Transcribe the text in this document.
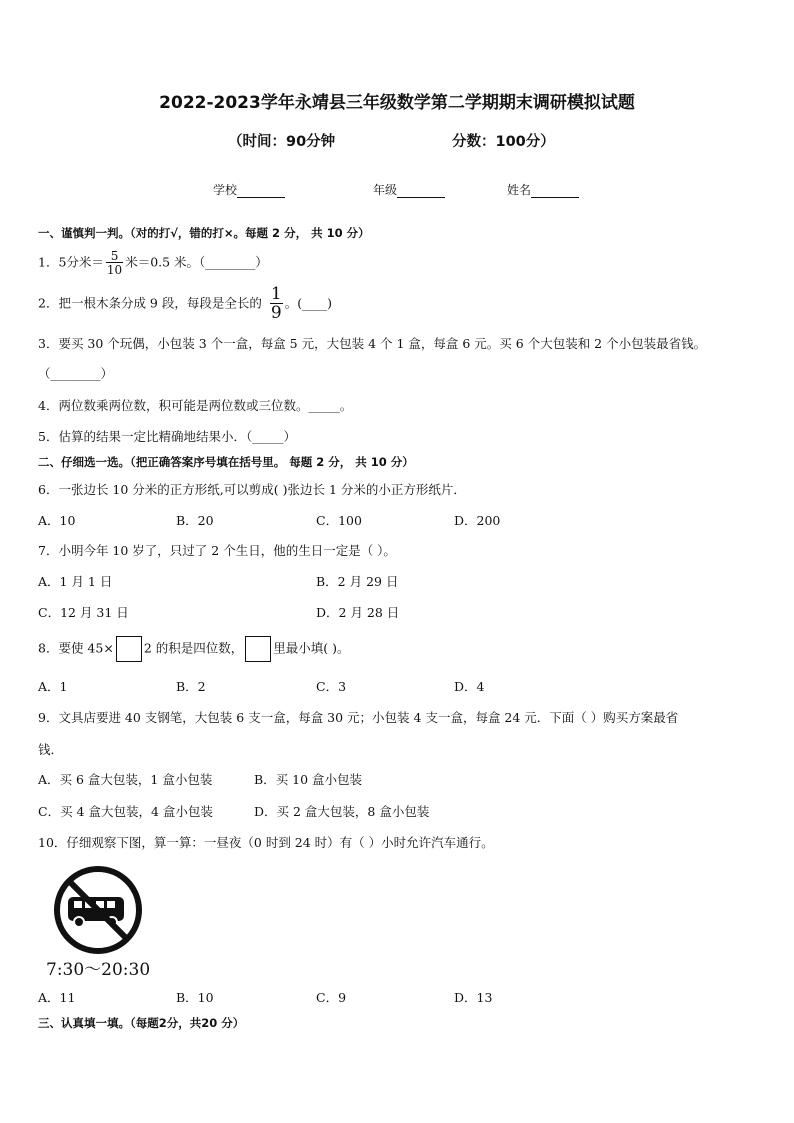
2022-2023学年永靖县三年级数学第二学期期末调研模拟试题
（时间：90分钟	分数：100分）
学校	年级	姓名
一、谨慎判一判。（对的打√，错的打×。每题 2 分， 共 10 分）
1．5分米＝ $\frac{5}{10}$ 米＝0.5 米。（________）
2．把一根木条分成 9 段，每段是全长的 $\frac{1}{9}$ 。(____)
3．要买 30 个玩偶，小包装 3 个一盒，每盒 5 元，大包装 4 个 1 盒，每盒 6 元。买 6 个大包装和 2 个小包装最省钱。
（________）
4．两位数乘两位数，积可能是两位数或三位数。_____。
5．估算的结果一定比精确地结果小．（_____）
二、仔细选一选。（把正确答案序号填在括号里。 每题 2 分， 共 10 分）
6．一张边长 10 分米的正方形纸,可以剪成( )张边长 1 分米的小正方形纸片．
A．10	B．20	C．100	D．200
7．小明今年 10 岁了，只过了 2 个生日，他的生日一定是（ ）。
A．1 月 1 日	B．2 月 29 日
C．12 月 31 日	D．2 月 28 日
8．要使 45× 2 的积是四位数， 里最小填( )。
A．1	B．2	C．3	D．4
9．文具店要进 40 支钢笔，大包装 6 支一盒，每盒 30 元；小包装 4 支一盒，每盒 24 元．下面（ ）购买方案最省
钱．
A．买 6 盒大包装，1 盒小包装	B．买 10 盒小包装
C．买 4 盒大包装，4 盒小包装	D．买 2 盒大包装，8 盒小包装
10．仔细观察下图，算一算：一昼夜（0 时到 24 时）有（ ）小时允许汽车通行。
7:30～20:30
A．11	B．10	C．9	D．13
三、认真填一填。（每题2分，共20 分）
